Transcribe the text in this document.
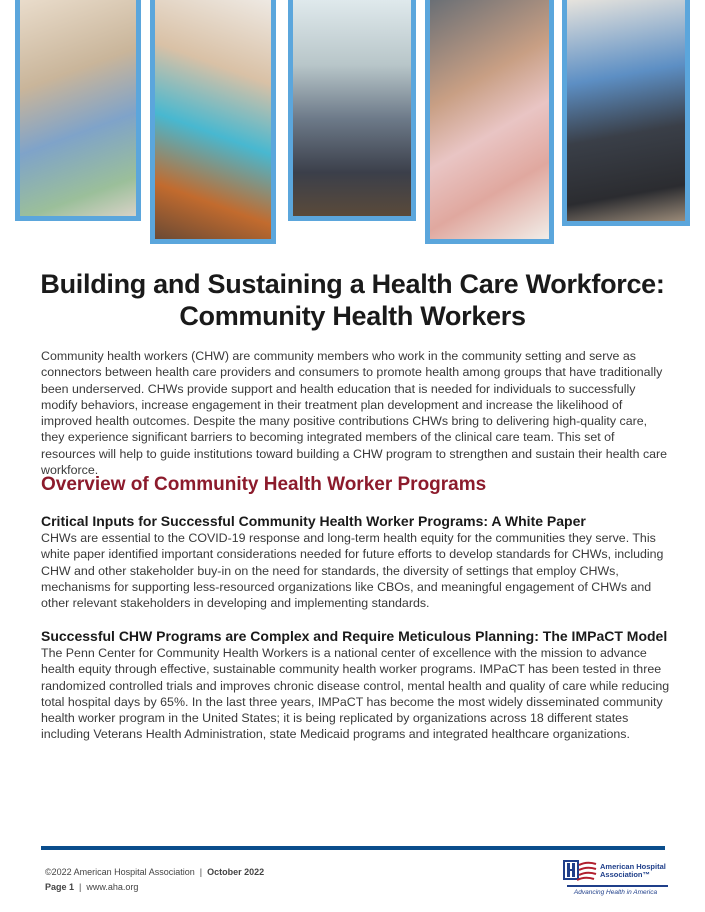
Building and Sustaining a Health Care Workforce:
Community Health Workers

Community health workers (CHW) are community members who work in the community setting and serve as connectors between health care providers and consumers to promote health among groups that have traditionally been underserved. CHWs provide support and health education that is needed for individuals to successfully modify behaviors, increase engagement in their treatment plan development and increase the likelihood of improved health outcomes. Despite the many positive contributions CHWs bring to delivering high-quality care, they experience significant barriers to becoming integrated members of the clinical care team. This set of resources will help to guide institutions toward building a CHW program to strengthen and sustain their health care workforce.

Overview of Community Health Worker Programs
Critical Inputs for Successful Community Health Worker Programs: A White Paper

CHWs are essential to the COVID-19 response and long-term health equity for the communities they serve. This white paper identified important considerations needed for future efforts to develop standards for CHWs, including CHW and other stakeholder buy-in on the need for standards, the diversity of settings that employ CHWs, mechanisms for supporting less-resourced organizations like CBOs, and meaningful engagement of CHWs and other relevant stakeholders in developing and implementing standards.

Successful CHW Programs are Complex and Require Meticulous Planning: The IMPaCT Model

The Penn Center for Community Health Workers is a national center of excellence with the mission to advance health equity through effective, sustainable community health worker programs. IMPaCT has been tested in three randomized controlled trials and improves chronic disease control, mental health and quality of care while reducing total hospital days by 65%. In the last three years, IMPaCT has become the most widely disseminated community health worker program in the United States; it is being replicated by organizations across 18 different states including Veterans Health Administration, state Medicaid programs and integrated healthcare organizations.

©2022 American Hospital Association | October 2022
Page 1 | www.aha.org
American Hospital
Association™
Advancing Health in America
